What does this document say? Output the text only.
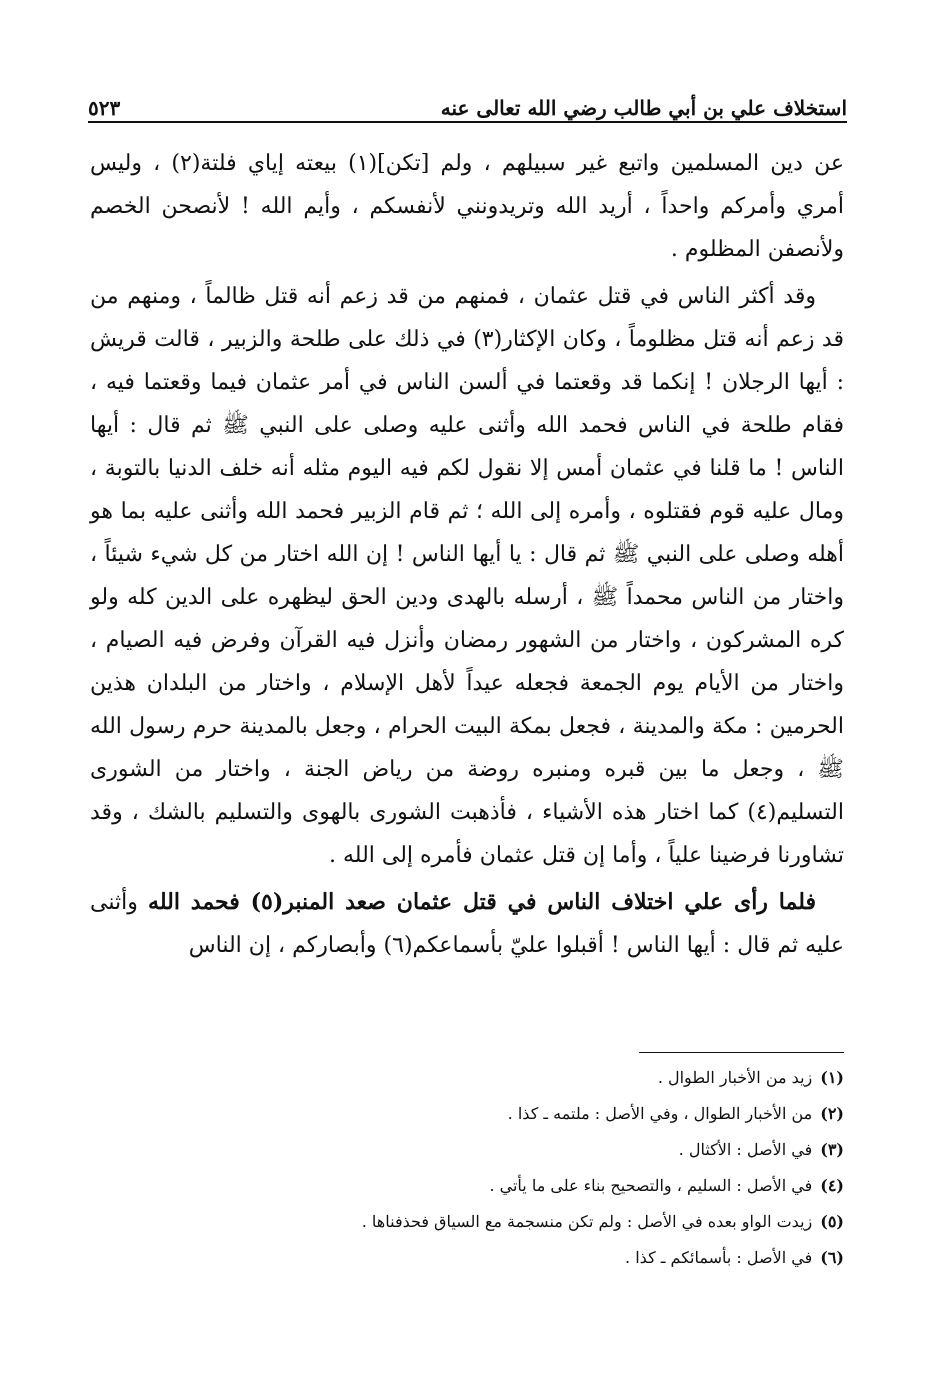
استخلاف علي بن أبي طالب رضي الله تعالى عنه
٥٢٣

عن دين المسلمين واتبع غير سبيلهم ، ولم [تكن](١) بيعته إياي فلتة(٢) ، وليس أمري وأمركم واحداً ، أريد الله وتريدونني لأنفسكم ، وأيم الله ! لأنصحن الخصم ولأنصفن المظلوم .

وقد أكثر الناس في قتل عثمان ، فمنهم من قد زعم أنه قتل ظالماً ، ومنهم من قد زعم أنه قتل مظلوماً ، وكان الإكثار(٣) في ذلك على طلحة والزبير ، قالت قريش : أيها الرجلان ! إنكما قد وقعتما في ألسن الناس في أمر عثمان فيما وقعتما فيه ، فقام طلحة في الناس فحمد الله وأثنى عليه وصلى على النبي ﷺ ثم قال : أيها الناس ! ما قلنا في عثمان أمس إلا نقول لكم فيه اليوم مثله أنه خلف الدنيا بالتوبة ، ومال عليه قوم فقتلوه ، وأمره إلى الله ؛ ثم قام الزبير فحمد الله وأثنى عليه بما هو أهله وصلى على النبي ﷺ ثم قال : يا أيها الناس ! إن الله اختار من كل شيء شيئاً ، واختار من الناس محمداً ﷺ ، أرسله بالهدى ودين الحق ليظهره على الدين كله ولو كره المشركون ، واختار من الشهور رمضان وأنزل فيه القرآن وفرض فيه الصيام ، واختار من الأيام يوم الجمعة فجعله عيداً لأهل الإسلام ، واختار من البلدان هذين الحرمين : مكة والمدينة ، فجعل بمكة البيت الحرام ، وجعل بالمدينة حرم رسول الله ﷺ ، وجعل ما بين قبره ومنبره روضة من رياض الجنة ، واختار من الشورى التسليم(٤) كما اختار هذه الأشياء ، فأذهبت الشورى بالهوى والتسليم بالشك ، وقد تشاورنا فرضينا علياً ، وأما إن قتل عثمان فأمره إلى الله .

فلما رأى علي اختلاف الناس في قتل عثمان صعد المنبر(٥) فحمد الله وأثنى عليه ثم قال : أيها الناس ! أقبلوا عليّ بأسماعكم(٦) وأبصاركم ، إن الناس

(١)زيد من الأخبار الطوال .
(٢)من الأخبار الطوال ، وفي الأصل : ملتمه ـ كذا .
(٣)في الأصل : الأكثال .
(٤)في الأصل : السليم ، والتصحيح بناء على ما يأتي .
(٥)زيدت الواو بعده في الأصل : ولم تكن منسجمة مع السياق فحذفناها .
(٦)في الأصل : بأسمائكم ـ كذا .
